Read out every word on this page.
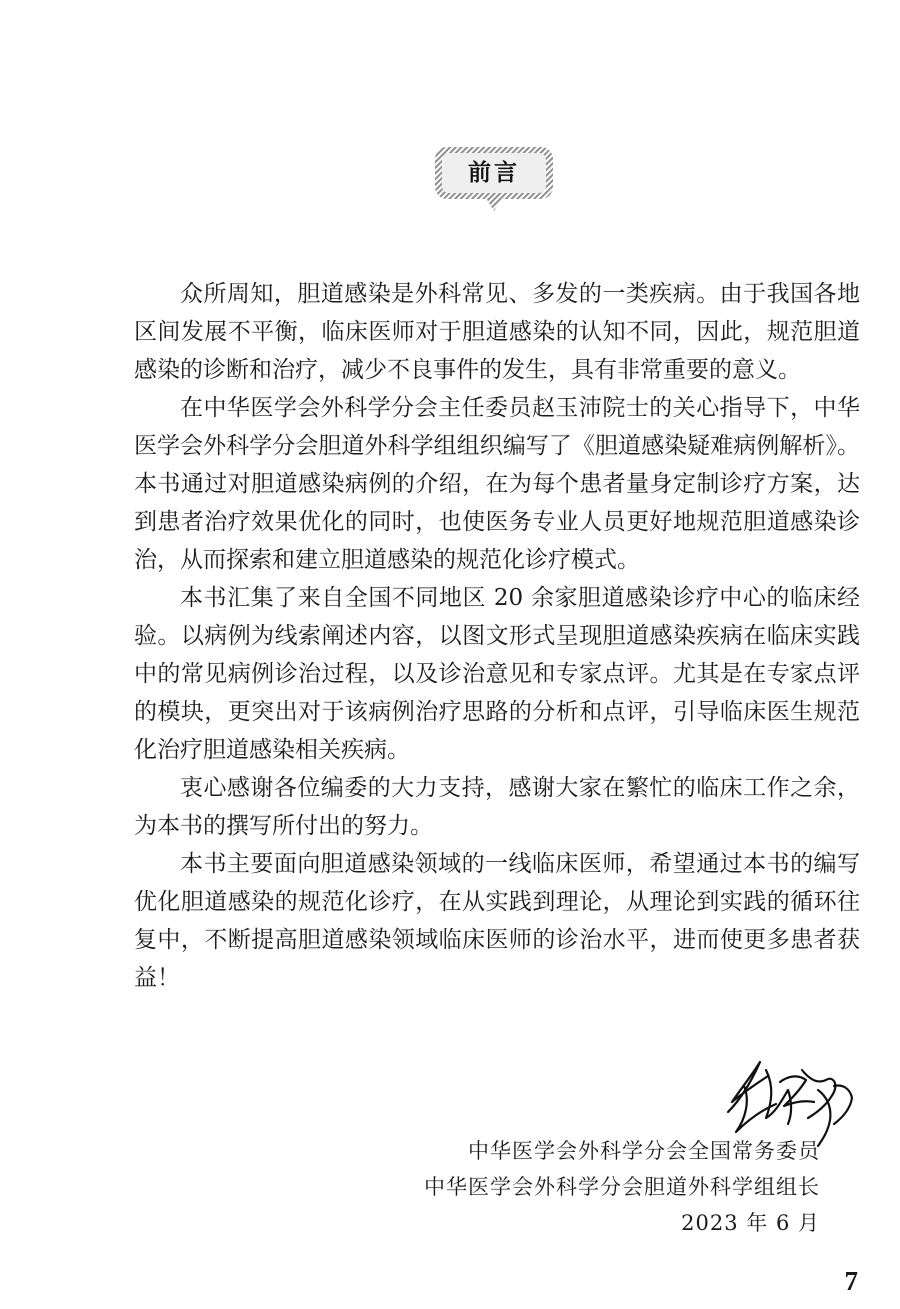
前言

众所周知，胆道感染是外科常见、多发的一类疾病。由于我国各地区间发展不平衡，临床医师对于胆道感染的认知不同，因此，规范胆道感染的诊断和治疗，减少不良事件的发生，具有非常重要的意义。

在中华医学会外科学分会主任委员赵玉沛院士的关心指导下，中华医学会外科学分会胆道外科学组组织编写了《胆道感染疑难病例解析》。本书通过对胆道感染病例的介绍，在为每个患者量身定制诊疗方案，达到患者治疗效果优化的同时，也使医务专业人员更好地规范胆道感染诊治，从而探索和建立胆道感染的规范化诊疗模式。

本书汇集了来自全国不同地区 20 余家胆道感染诊疗中心的临床经验。以病例为线索阐述内容，以图文形式呈现胆道感染疾病在临床实践中的常见病例诊治过程，以及诊治意见和专家点评。尤其是在专家点评的模块，更突出对于该病例治疗思路的分析和点评，引导临床医生规范化治疗胆道感染相关疾病。

衷心感谢各位编委的大力支持，感谢大家在繁忙的临床工作之余，为本书的撰写所付出的努力。

本书主要面向胆道感染领域的一线临床医师，希望通过本书的编写优化胆道感染的规范化诊疗，在从实践到理论，从理论到实践的循环往复中，不断提高胆道感染领域临床医师的诊治水平，进而使更多患者获益！

中华医学会外科学分会全国常务委员
中华医学会外科学分会胆道外科学组组长
2023 年 6 月
7
